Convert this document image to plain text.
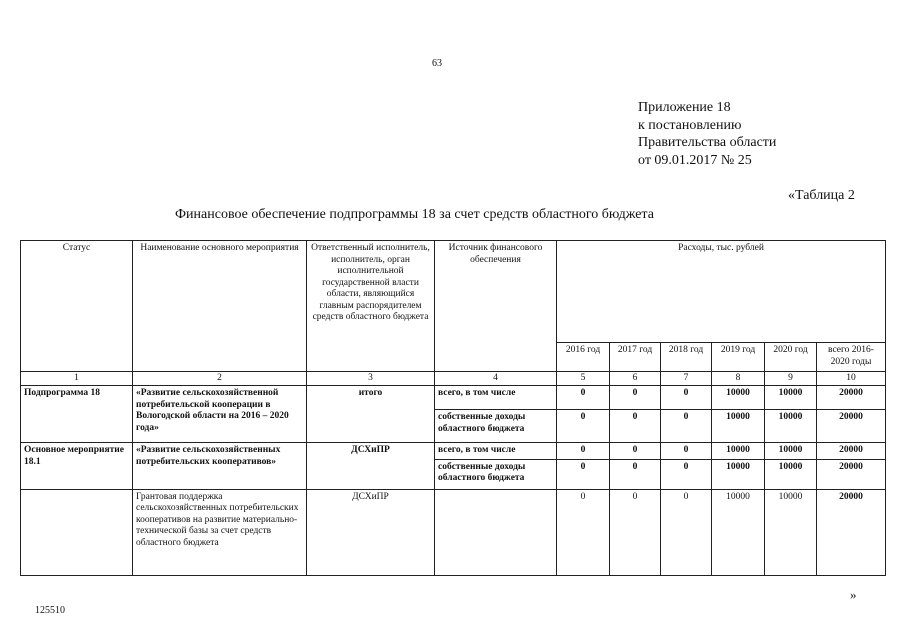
63
Приложение 18
к постановлению
Правительства области
от 09.01.2017 № 25
«Таблица 2
Финансовое обеспечение подпрограммы 18 за счет средств областного бюджета
Статус	Наименование основного мероприятия	Ответственный исполнитель, исполнитель, орган исполнительной государственной власти области, являющийся главным распорядителем средств областного бюджета	Источник финансового обеспечения	Расходы, тыс. рублей					
				2016 год	2017 год	2018 год	2019 год	2020 год	всего 2016-2020 годы
1	2	3	4	5	6	7	8	9	10
Подпрограмма 18	«Развитие сельскохозяйственной потребительской кооперации в Вологодской области на 2016 – 2020 года»	итого	всего, в том числе	0	0	0	10000	10000	20000
			собственные доходы областного бюджета	0	0	0	10000	10000	20000
Основное мероприятие 18.1	«Развитие сельскохозяйственных потребительских кооперативов»	ДСХиПР	всего, в том числе	0	0	0	10000	10000	20000
			собственные доходы областного бюджета	0	0	0	10000	10000	20000
	Грантовая поддержка сельскохозяйственных потребительских кооперативов на развитие материально-технической базы за счет средств областного бюджета	ДСХиПР		0	0	0	10000	10000	20000
»
125510
